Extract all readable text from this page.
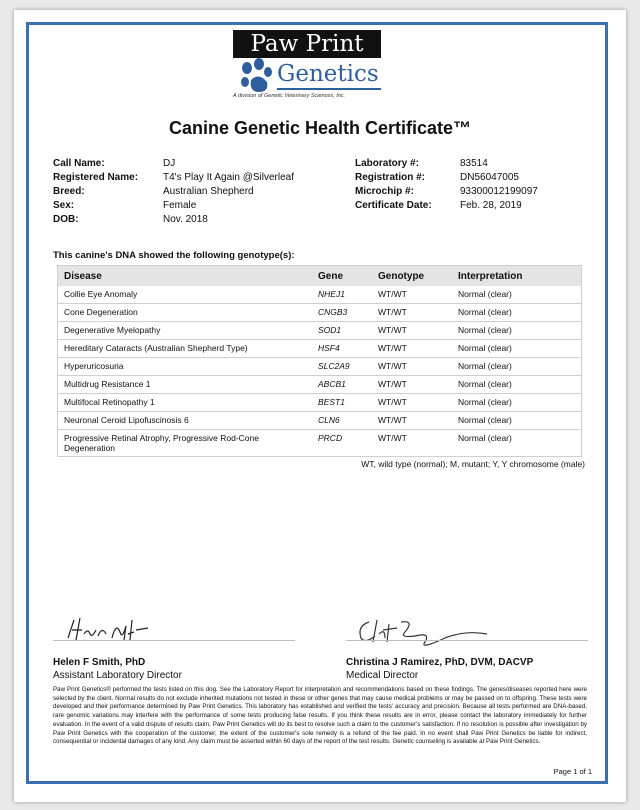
Paw Print
Genetics
A division of Genetic Veterinary Sciences, Inc.
Canine Genetic Health Certificate™
Call Name:	DJ
Registered Name: T4's Play It Again @Silverleaf
Breed:	Australian Shepherd
Sex:	Female
DOB:	Nov. 2018
Laboratory #:	83514
Registration #:	DN56047005
Microchip #:	93300012199097
Certificate Date:	Feb. 28, 2019
This canine's DNA showed the following genotype(s):
Disease	Gene	Genotype	Interpretation
Collie Eye Anomaly	NHEJ1	WT/WT	Normal (clear)
Cone Degeneration	CNGB3	WT/WT	Normal (clear)
Degenerative Myelopathy	SOD1	WT/WT	Normal (clear)
Hereditary Cataracts (Australian Shepherd Type)	HSF4	WT/WT	Normal (clear)
Hyperuricosuria	SLC2A9	WT/WT	Normal (clear)
Multidrug Resistance 1	ABCB1	WT/WT	Normal (clear)
Multifocal Retinopathy 1	BEST1	WT/WT	Normal (clear)
Neuronal Ceroid Lipofuscinosis 6	CLN6	WT/WT	Normal (clear)
Progressive Retinal Atrophy, Progressive Rod-Cone Degeneration	PRCD	WT/WT	Normal (clear)
WT, wild type (normal); M, mutant; Y, Y chromosome (male)
Helen F Smith, PhD
Assistant Laboratory Director
Christina J Ramirez, PhD, DVM, DACVP
Medical Director
Paw Print Genetics® performed the tests listed on this dog. See the Laboratory Report for interpretation and recommendations based on these findings. The genes/diseases reported here were selected by the client. Normal results do not exclude inherited mutations not tested in these or other genes that may cause medical problems or may be passed on to offspring. These tests were developed and their performance determined by Paw Print Genetics. This laboratory has established and verified the tests' accuracy and precision. Because all tests performed are DNA-based, rare genomic variations may interfere with the performance of some tests producing false results. If you think these results are in error, please contact the laboratory immediately for further evaluation. In the event of a valid dispute of results claim, Paw Print Genetics will do its best to resolve such a claim to the customer's satisfaction. If no resolution is possible after investigation by Paw Print Genetics with the cooperation of the customer, the extent of the customer's sole remedy is a refund of the fee paid. In no event shall Paw Print Genetics be liable for indirect, consequential or incidental damages of any kind. Any claim must be asserted within 60 days of the report of the test results. Genetic counseling is available at Paw Print Genetics.
Page 1 of 1
